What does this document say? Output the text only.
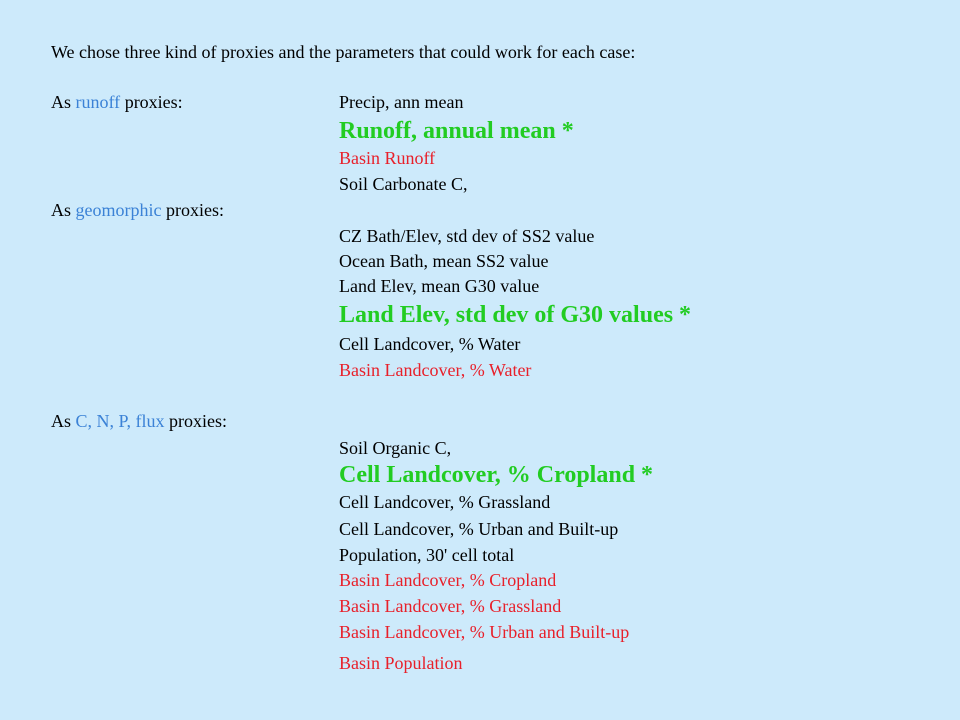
We chose three kind of proxies and the parameters that could work for each case:
As runoff proxies:	Precip, ann mean
Runoff, annual mean *
Basin Runoff
Soil Carbonate C,
As geomorphic proxies:
CZ Bath/Elev, std dev of SS2 value
Ocean Bath, mean SS2 value
Land Elev, mean G30 value
Land Elev, std dev of G30 values *
Cell Landcover, % Water
Basin Landcover, % Water
As C, N, P, flux proxies:
Soil Organic C,
Cell Landcover, % Cropland *
Cell Landcover, % Grassland
Cell Landcover, % Urban and Built-up
Population, 30' cell total
Basin Landcover, % Cropland
Basin Landcover, % Grassland
Basin Landcover, % Urban and Built-up
Basin Population
